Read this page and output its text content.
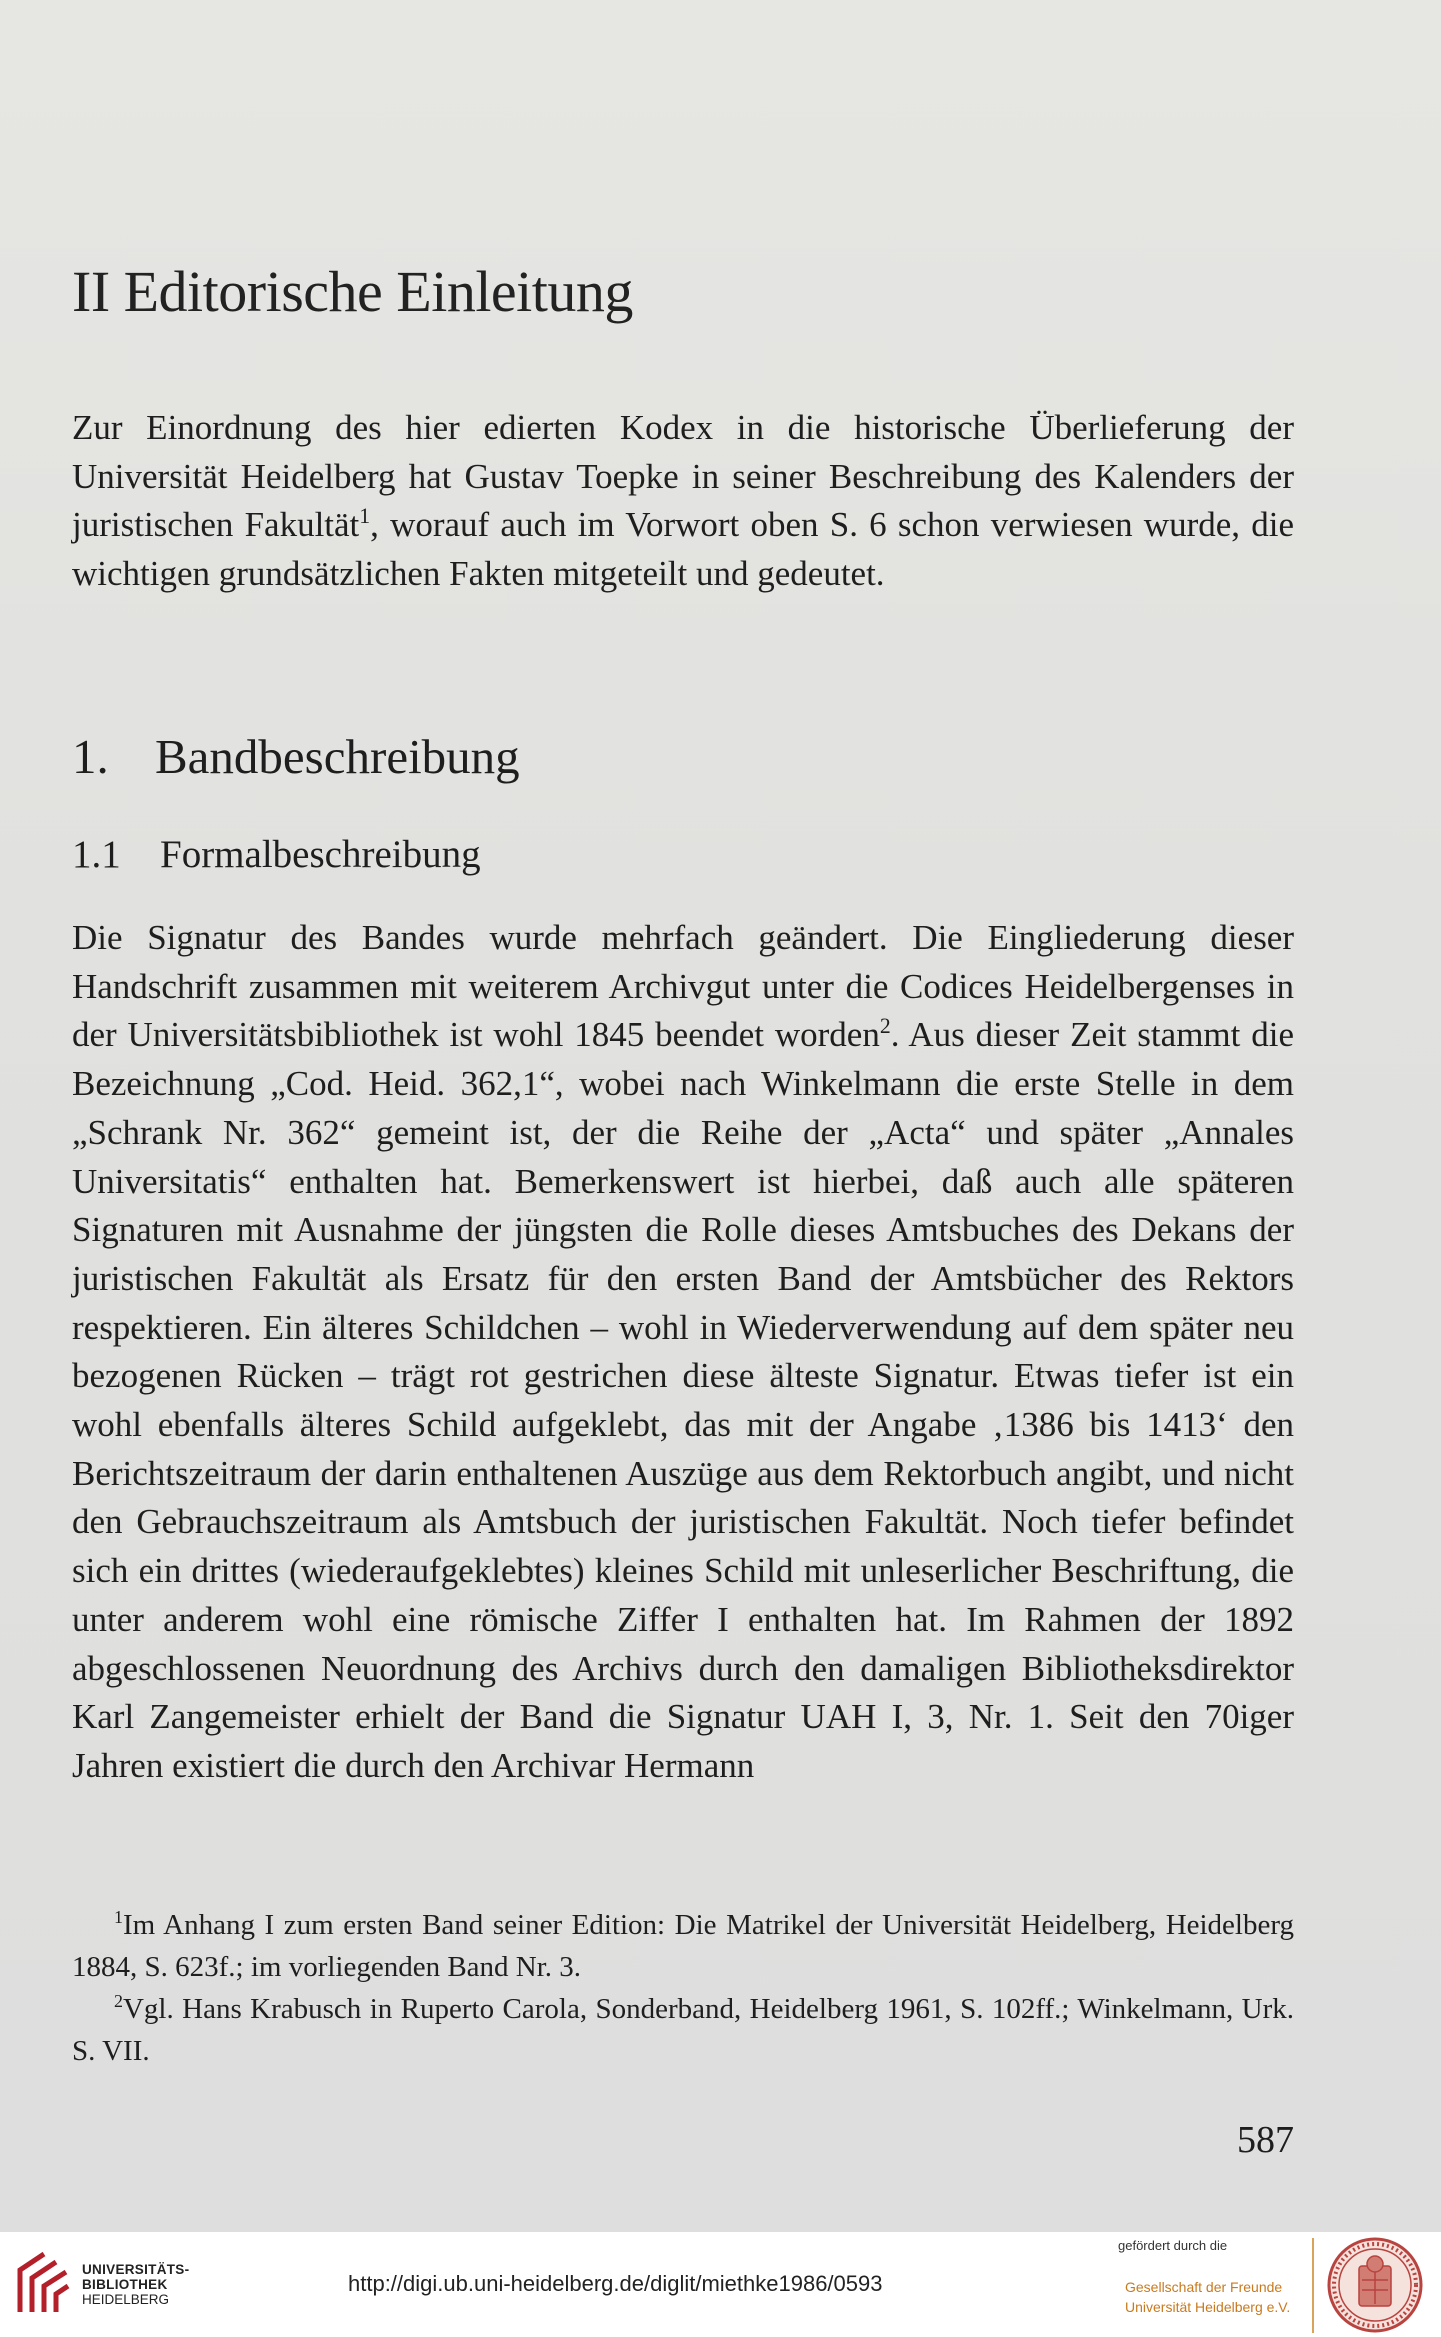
II Editorische Einleitung
Zur Einordnung des hier edierten Kodex in die historische Überlieferung der Universität Heidelberg hat Gustav Toepke in seiner Beschreibung des Kalenders der juristischen Fakultät$^1$, worauf auch im Vorwort oben S. 6 schon verwiesen wurde, die wichtigen grundsätzlichen Fakten mitgeteilt und gedeutet.
1. Bandbeschreibung
1.1 Formalbeschreibung
Die Signatur des Bandes wurde mehrfach geändert. Die Eingliederung dieser Handschrift zusammen mit weiterem Archivgut unter die Codices Heidelbergenses in der Universitätsbibliothek ist wohl 1845 beendet worden$^2$. Aus dieser Zeit stammt die Bezeichnung „Cod. Heid. 362,1“, wobei nach Winkelmann die erste Stelle in dem „Schrank Nr. 362“ gemeint ist, der die Reihe der „Acta“ und später „Annales Universitatis“ enthalten hat. Bemerkenswert ist hierbei, daß auch alle späteren Signaturen mit Ausnahme der jüngsten die Rolle dieses Amtsbuches des Dekans der juristischen Fakultät als Ersatz für den ersten Band der Amtsbücher des Rektors respektieren. Ein älteres Schildchen – wohl in Wiederverwendung auf dem später neu bezogenen Rücken – trägt rot gestrichen diese älteste Signatur. Etwas tiefer ist ein wohl ebenfalls älteres Schild aufgeklebt, das mit der Angabe ‚1386 bis 1413‘ den Berichtszeitraum der darin enthaltenen Auszüge aus dem Rektorbuch angibt, und nicht den Gebrauchszeitraum als Amtsbuch der juristischen Fakultät. Noch tiefer befindet sich ein drittes (wiederaufgeklebtes) kleines Schild mit unleserlicher Beschriftung, die unter anderem wohl eine römische Ziffer I enthalten hat. Im Rahmen der 1892 abgeschlossenen Neuordnung des Archivs durch den damaligen Bibliotheksdirektor Karl Zangemeister erhielt der Band die Signatur UAH I, 3, Nr. 1. Seit den 70iger Jahren existiert die durch den Archivar Hermann

$^1$Im Anhang I zum ersten Band seiner Edition: Die Matrikel der Universität Heidelberg, Heidelberg 1884, S. 623f.; im vorliegenden Band Nr. 3.

$^2$Vgl. Hans Krabusch in Ruperto Carola, Sonderband, Heidelberg 1961, S. 102ff.; Winkelmann, Urk. S. VII.

587
UNIVERSITÄTS-
BIBLIOTHEK
HEIDELBERG
http://digi.ub.uni-heidelberg.de/diglit/miethke1986/0593
gefördert durch die
Gesellschaft der Freunde
Universität Heidelberg e.V.
